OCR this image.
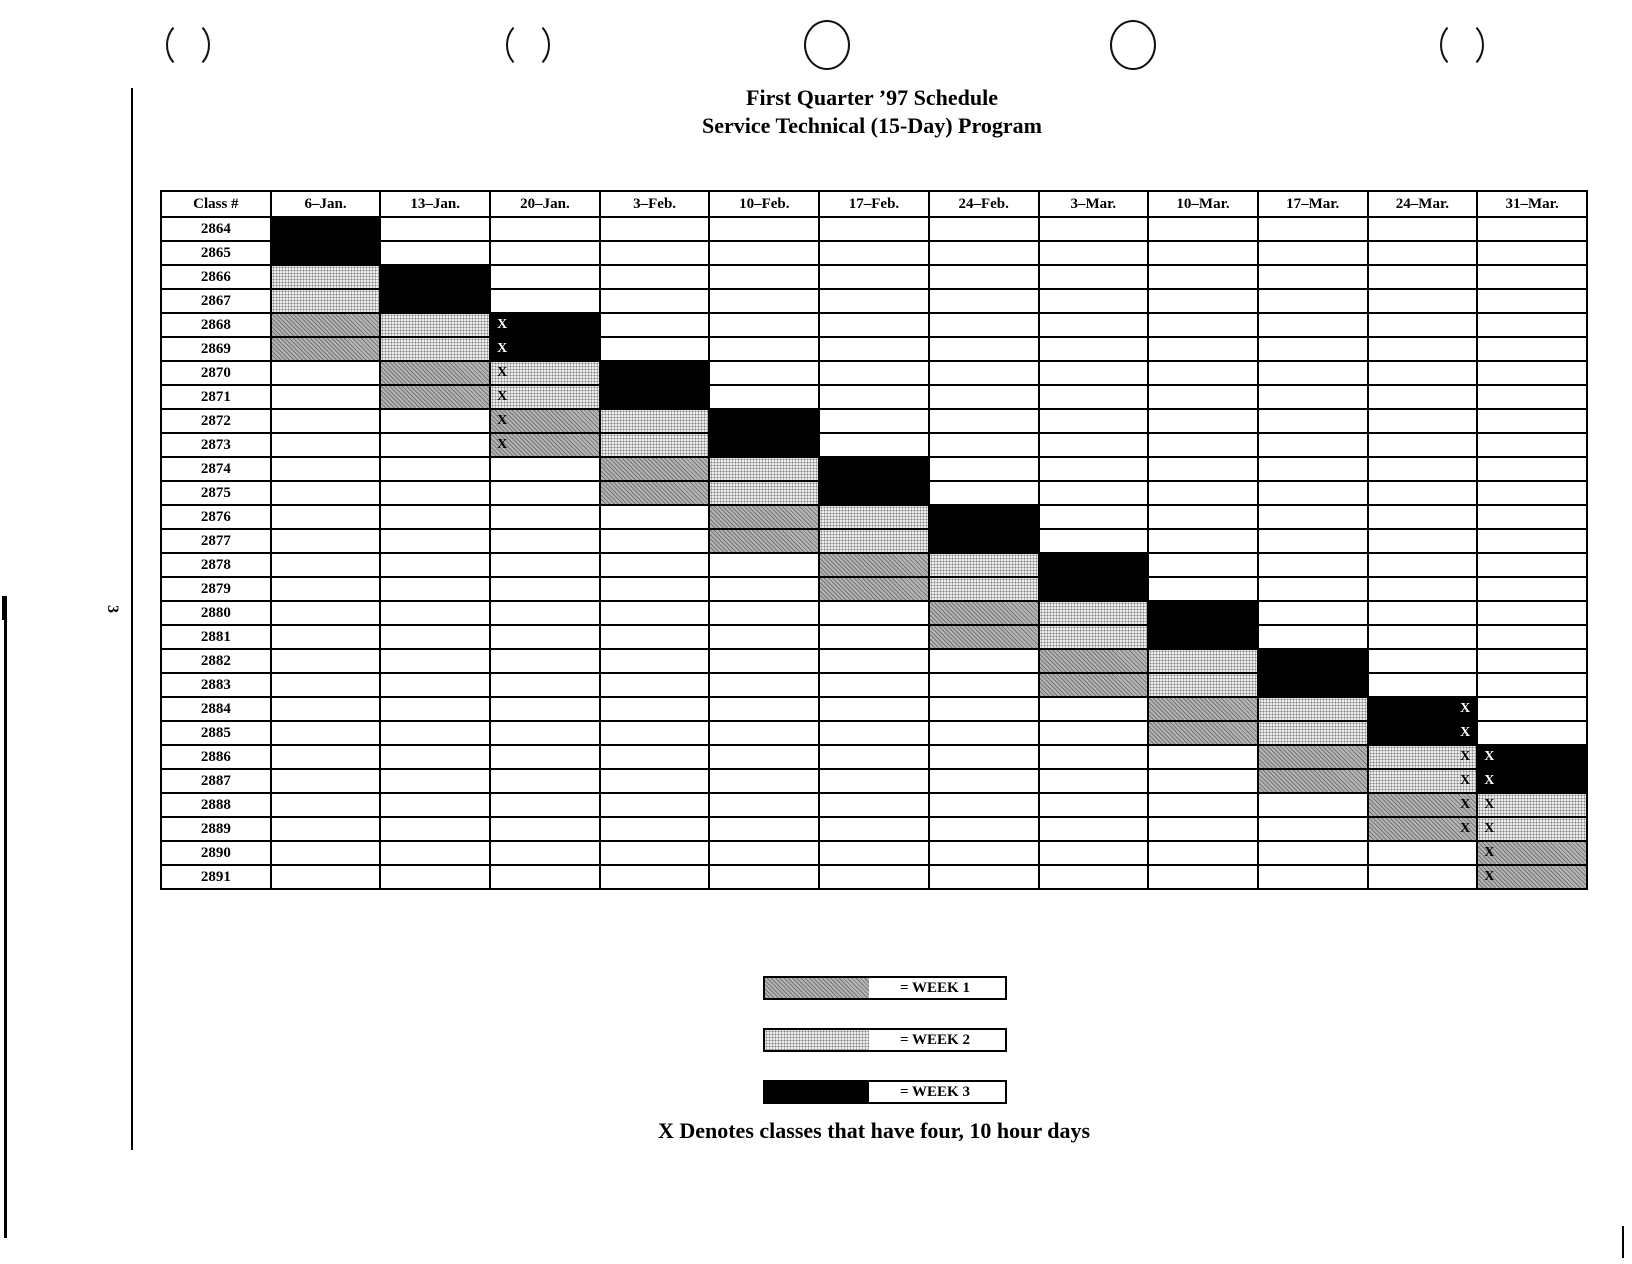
3
First Quarter ’97 Schedule
Service Technical (15-Day) Program
Class #	6–Jan.	13–Jan.	20–Jan.	3–Feb.	10–Feb.	17–Feb.	24–Feb.	3–Mar.	10–Mar.	17–Mar.	24–Mar.	31–Mar.
2864												
2865												
2866												
2867												
2868			X									

2869			X									

2870			X									

2871			X									

2872			X									

2873			X									

2874												
2875												
2876												
2877												
2878												
2879												
2880												
2881												
2882												
2883												
2884											X	

2885											X	

2886											X	X

2887											X	X

2888											X	X

2889											X	X

2890												X

2891												X
= WEEK 1
= WEEK 2
= WEEK 3
X Denotes classes that have four, 10 hour days
